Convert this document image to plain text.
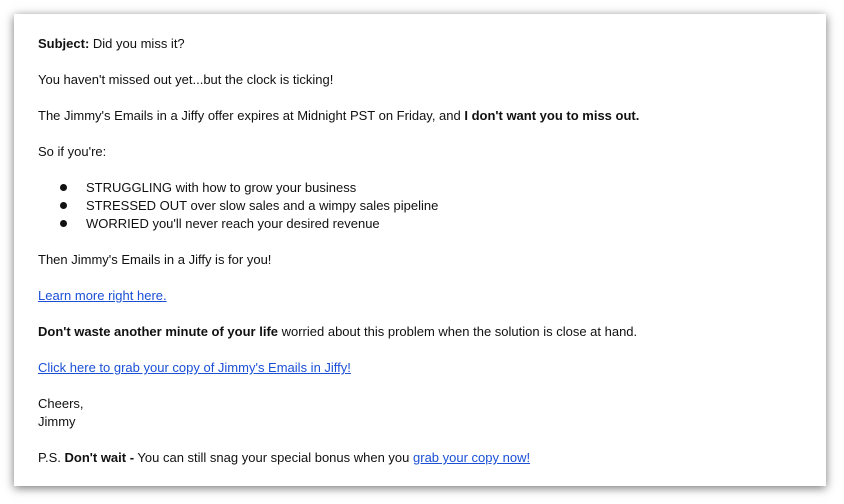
Subject: Did you miss it?
You haven't missed out yet...but the clock is ticking!
The Jimmy's Emails in a Jiffy offer expires at Midnight PST on Friday, and I don't want you to miss out.
So if you're:
STRUGGLING with how to grow your business
STRESSED OUT over slow sales and a wimpy sales pipeline
WORRIED you'll never reach your desired revenue
Then Jimmy's Emails in a Jiffy is for you!
Learn more right here.
Don't waste another minute of your life worried about this problem when the solution is close at hand.
Click here to grab your copy of Jimmy's Emails in Jiffy!
Cheers,
Jimmy
P.S. Don't wait - You can still snag your special bonus when you grab your copy now!
